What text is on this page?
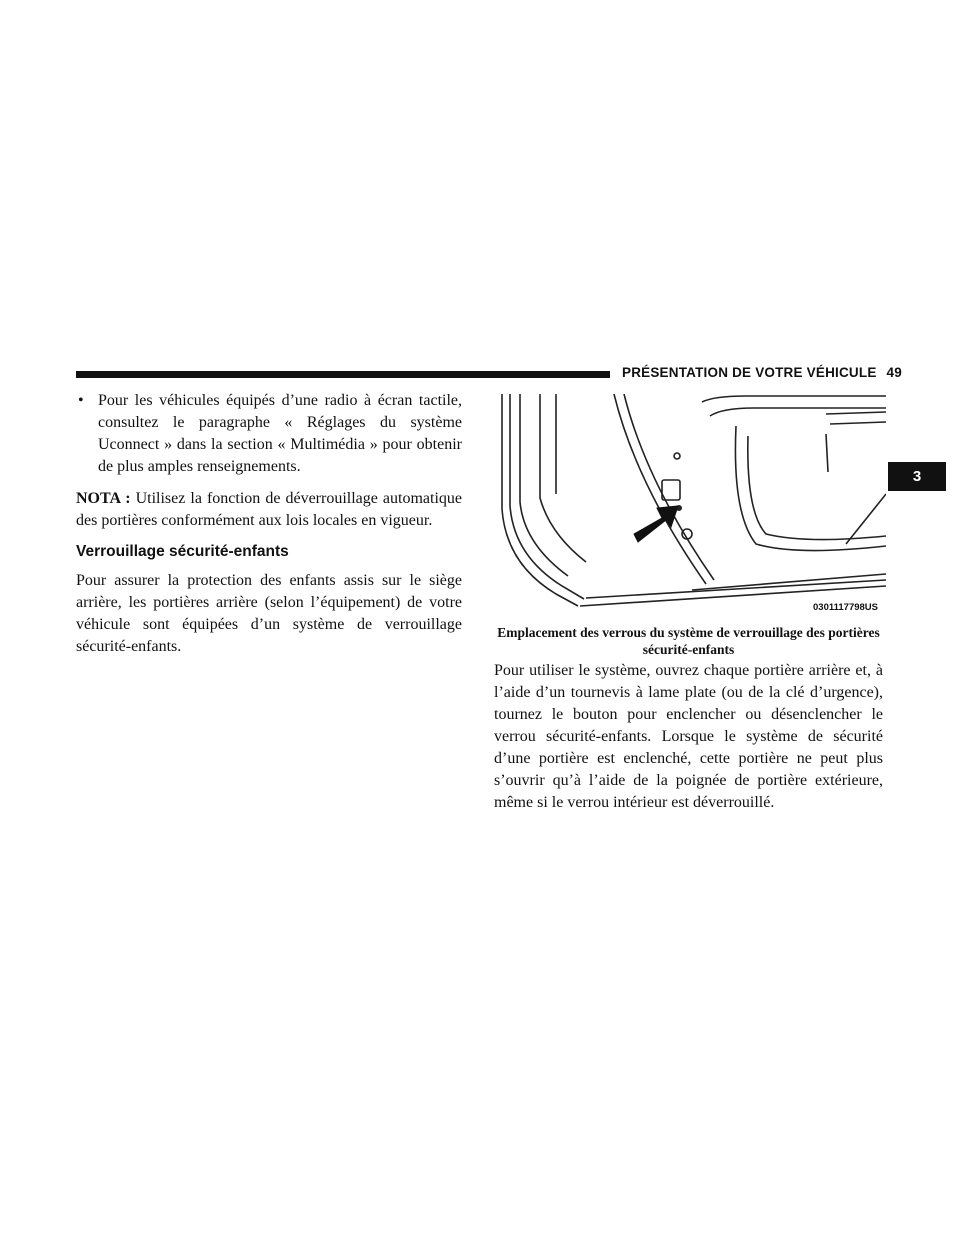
PRÉSENTATION DE VOTRE VÉHICULE 49
3

• Pour les véhicules équipés d’une radio à écran tactile, consultez le paragraphe « Réglages du système Uconnect » dans la section « Multimédia » pour obtenir de plus amples renseignements.

NOTA : Utilisez la fonction de déverrouillage automatique des portières conformément aux lois locales en vigueur.

Verrouillage sécurité-enfants

Pour assurer la protection des enfants assis sur le siège arrière, les portières arrière (selon l’équipement) de votre véhicule sont équipées d’un système de verrouillage sécurité-enfants.

0301117798US
Emplacement des verrous du système de verrouillage des portières sécurité-enfants

Pour utiliser le système, ouvrez chaque portière arrière et, à l’aide d’un tournevis à lame plate (ou de la clé d’urgence), tournez le bouton pour enclencher ou désenclencher le verrou sécurité-enfants. Lorsque le système de sécurité d’une portière est enclenché, cette portière ne peut plus s’ouvrir qu’à l’aide de la poignée de portière extérieure, même si le verrou intérieur est déverrouillé.
